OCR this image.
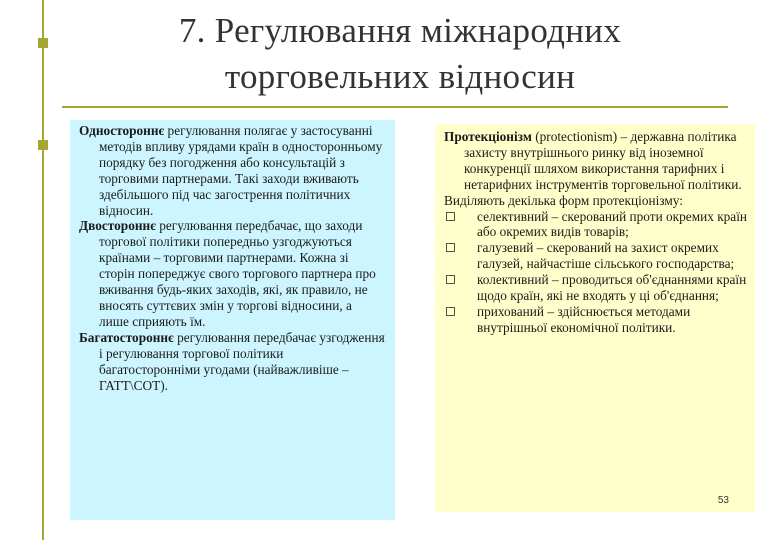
7. Регулювання міжнародних
торговельних відносин

Одностороннє регулювання полягає у застосуванні методів впливу урядами країн в односторонньому порядку без погодження або консультацій з торговими партнерами. Такі заходи вживають здебільшого під час загострення політичних відносин.

Двостороннє регулювання передбачає, що заходи торгової політики попередньо узгоджуються країнами – торговими партнерами. Кожна зі сторін попереджує свого торгового партнера про вживання будь-яких заходів, які, як правило, не вносять суттєвих змін у торгові відносини, а лише сприяють їм.

Багатостороннє регулювання передбачає узгодження і регулювання торгової політики багатосторонніми угодами (найважливіше – ГАТТ\СОТ).

Протекціонізм (protectionism) – державна політика захисту внутрішнього ринку від іноземної конкуренції шляхом використання тарифних і нетарифних інструментів торговельної політики.

Виділяють декілька форм протекціонізму:

селективний – скерований проти окремих країн або окремих видів товарів;
галузевий – скерований на захист окремих галузей, найчастіше сільського господарства;
колективний – проводиться об'єднаннями країн щодо країн, які не входять у ці об'єднання;
прихований – здійснюється методами внутрішньої економічної політики.
53
